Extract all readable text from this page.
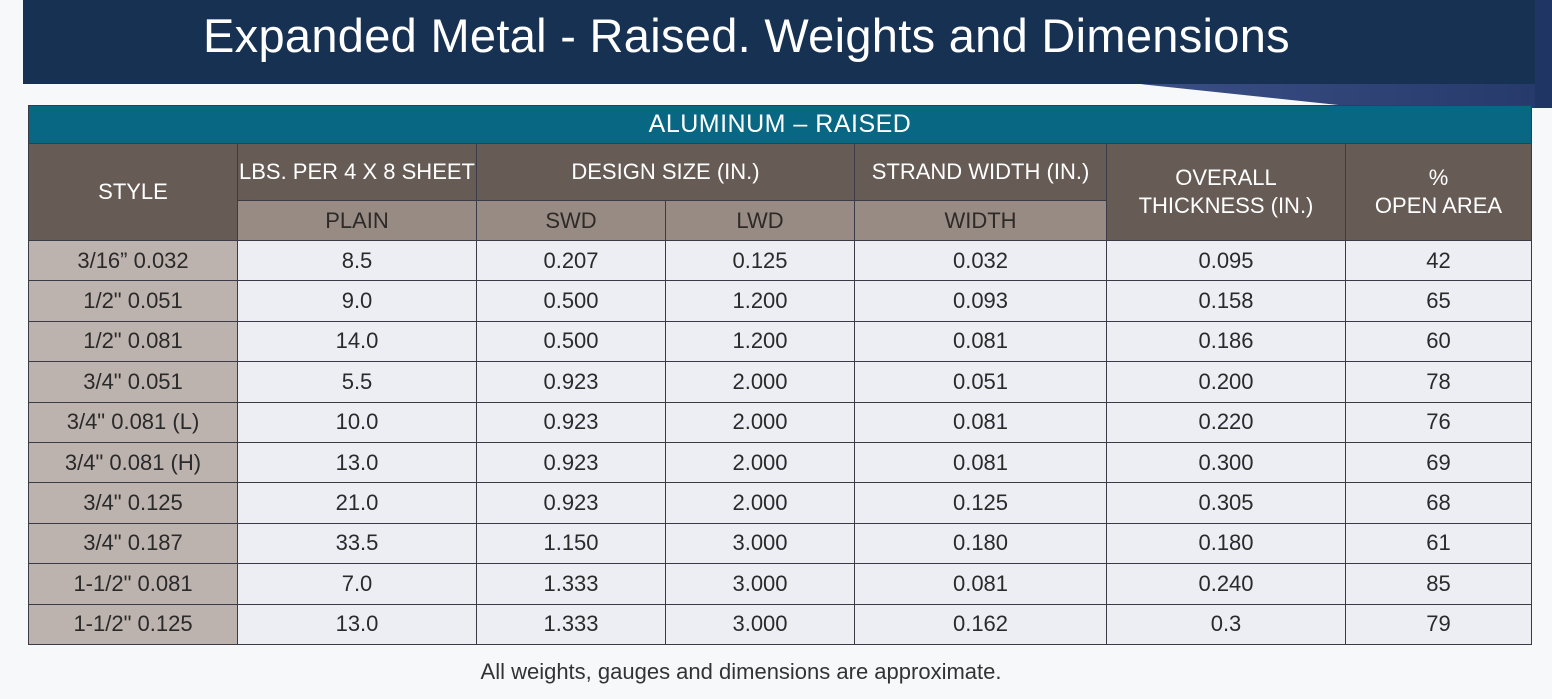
Expanded Metal - Raised. Weights and Dimensions
ALUMINUM – RAISED						
STYLE	LBS. PER 4 X 8 SHEET	DESIGN SIZE (IN.)		STRAND WIDTH (IN.)	OVERALL
THICKNESS (IN.)	%
OPEN AREA
	PLAIN	SWD	LWD	WIDTH		
3/16” 0.032	8.5	0.207	0.125	0.032	0.095	42
1/2" 0.051	9.0	0.500	1.200	0.093	0.158	65
1/2" 0.081	14.0	0.500	1.200	0.081	0.186	60
3/4" 0.051	5.5	0.923	2.000	0.051	0.200	78
3/4" 0.081 (L)	10.0	0.923	2.000	0.081	0.220	76
3/4" 0.081 (H)	13.0	0.923	2.000	0.081	0.300	69
3/4" 0.125	21.0	0.923	2.000	0.125	0.305	68
3/4" 0.187	33.5	1.150	3.000	0.180	0.180	61
1-1/2" 0.081	7.0	1.333	3.000	0.081	0.240	85
1-1/2" 0.125	13.0	1.333	3.000	0.162	0.3	79
All weights, gauges and dimensions are approximate.
